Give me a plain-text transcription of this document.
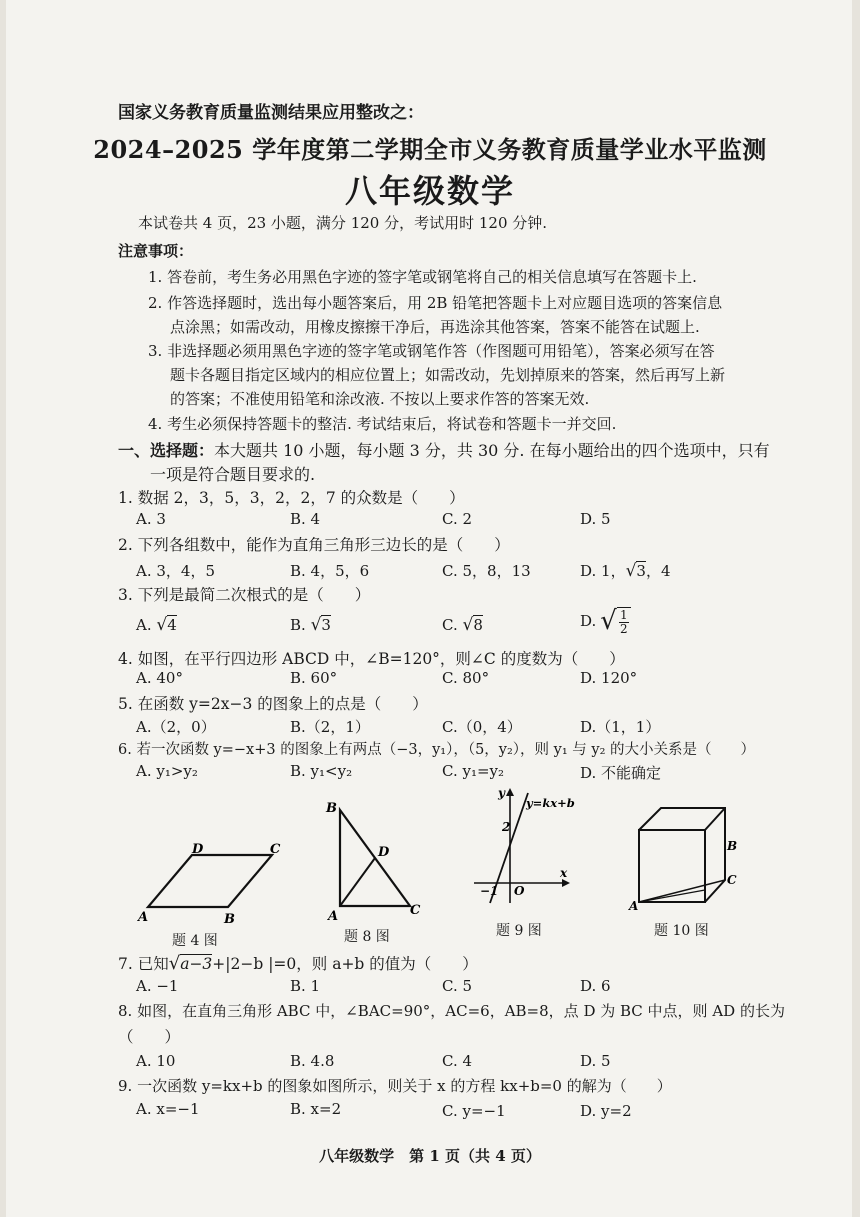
国家义务教育质量监测结果应用整改之：
2024–2025 学年度第二学期全市义务教育质量学业水平监测
八年级数学
本试卷共 4 页，23 小题，满分 120 分，考试用时 120 分钟.
注意事项：
1. 答卷前，考生务必用黑色字迹的签字笔或钢笔将自己的相关信息填写在答题卡上.
2. 作答选择题时，选出每小题答案后，用 2B 铅笔把答题卡上对应题目选项的答案信息
点涂黑；如需改动，用橡皮擦擦干净后，再选涂其他答案，答案不能答在试题上.
3. 非选择题必须用黑色字迹的签字笔或钢笔作答（作图题可用铅笔），答案必须写在答
题卡各题目指定区域内的相应位置上；如需改动，先划掉原来的答案，然后再写上新
的答案；不准使用铅笔和涂改液. 不按以上要求作答的答案无效.
4. 考生必须保持答题卡的整洁. 考试结束后，将试卷和答题卡一并交回.
一、选择题：本大题共 10 小题，每小题 3 分，共 30 分. 在每小题给出的四个选项中，只有
一项是符合题目要求的.
1. 数据 2，3，5，3，2，2，7 的众数是（　　）
A. 3	B. 4	C. 2	D. 5
2. 下列各组数中，能作为直角三角形三边长的是（　　）
A. 3，4，5	B. 4，5，6	C. 5，8，13	D. 1，√3，4
3. 下列是最简二次根式的是（　　）
A. √4	B. √3	C. √8	D. √ $\frac{1}{2}$
4. 如图，在平行四边形 ABCD 中，∠B=120°，则∠C 的度数为（　　）
A. 40°	B. 60°	C. 80°	D. 120°
5. 在函数 y=2x−3 的图象上的点是（　　）
A.（2，0）	B.（2，1）	C.（0，4）	D.（1，1）
6. 若一次函数 y=−x+3 的图象上有两点（−3，y₁），（5，y₂），则 y₁ 与 y₂ 的大小关系是（　　）
A. y₁>y₂	B. y₁<y₂	C. y₁=y₂	D. 不能确定
A	B
C
D
题 4 图
B
A	C
D
题 8 图
y
x
y=kx+b
2
−1 O
题 9 图
A
B
C
题 10 图
7. 已知√a−3+|2−b |=0，则 a+b 的值为（　　）
A. −1	B. 1	C. 5	D. 6
8. 如图，在直角三角形 ABC 中，∠BAC=90°，AC=6，AB=8，点 D 为 BC 中点，则 AD 的长为
（　　）
A. 10	B. 4.8	C. 4	D. 5
9. 一次函数 y=kx+b 的图象如图所示，则关于 x 的方程 kx+b=0 的解为（　　）
A. x=−1	B. x=2	C. y=−1	D. y=2
八年级数学　第 1 页（共 4 页）
